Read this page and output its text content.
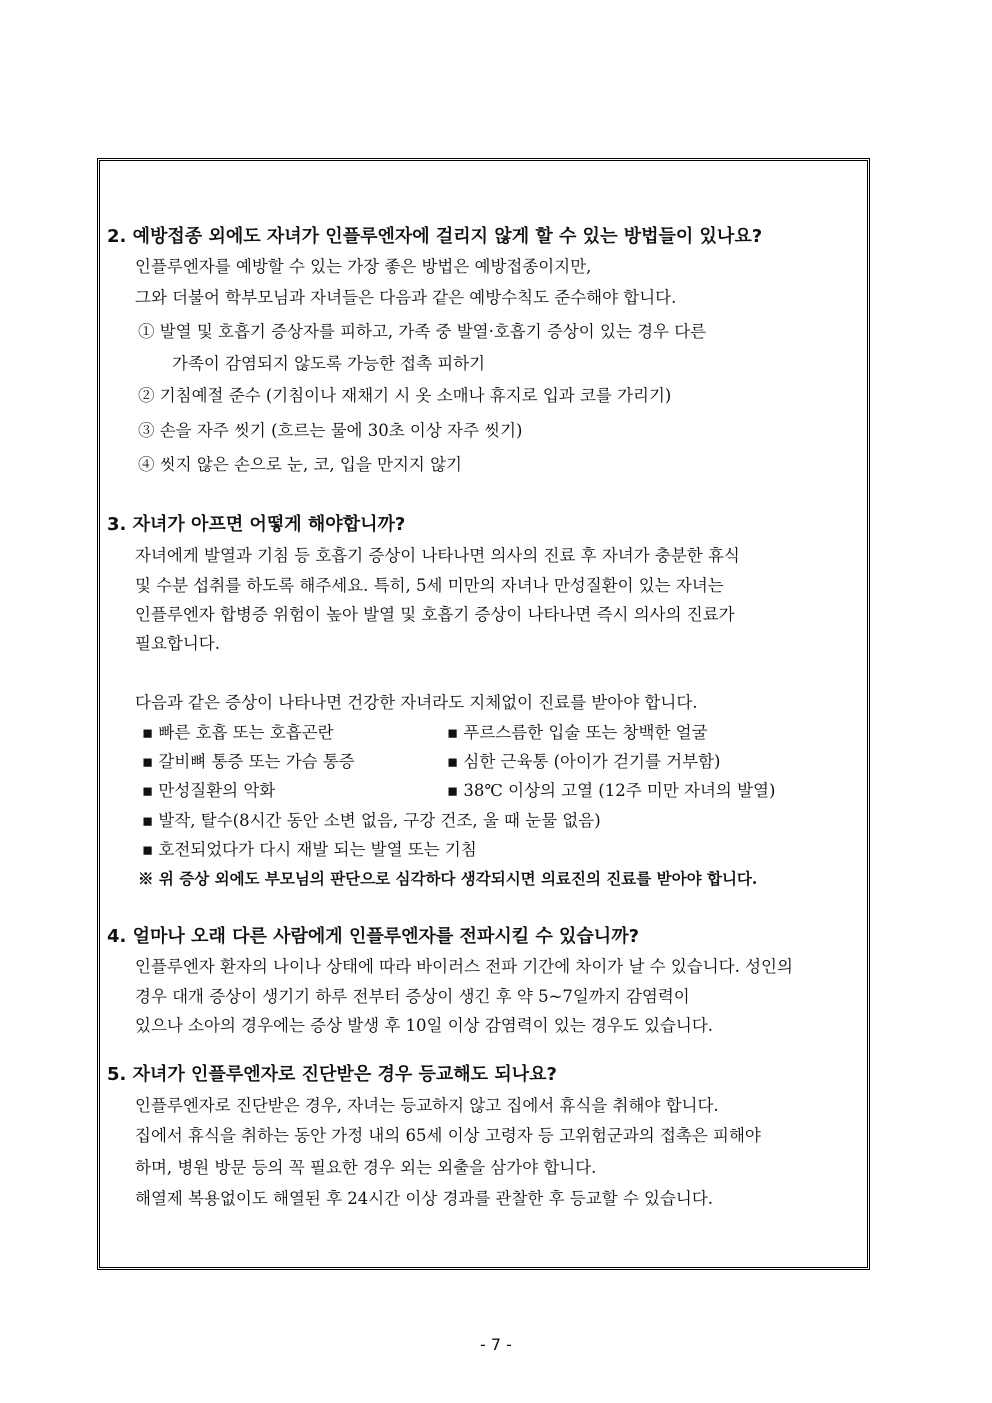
2. 예방접종 외에도 자녀가 인플루엔자에 걸리지 않게 할 수 있는 방법들이 있나요?
인플루엔자를 예방할 수 있는 가장 좋은 방법은 예방접종이지만,
그와 더불어 학부모님과 자녀들은 다음과 같은 예방수칙도 준수해야 합니다.
① 발열 및 호흡기 증상자를 피하고, 가족 중 발열·호흡기 증상이 있는 경우 다른
가족이 감염되지 않도록 가능한 접촉 피하기
② 기침예절 준수 (기침이나 재채기 시 옷 소매나 휴지로 입과 코를 가리기)
③ 손을 자주 씻기 (흐르는 물에 30초 이상 자주 씻기)
④ 씻지 않은 손으로 눈, 코, 입을 만지지 않기
3. 자녀가 아프면 어떻게 해야합니까?
자녀에게 발열과 기침 등 호흡기 증상이 나타나면 의사의 진료 후 자녀가 충분한 휴식
및 수분 섭취를 하도록 해주세요. 특히, 5세 미만의 자녀나 만성질환이 있는 자녀는
인플루엔자 합병증 위험이 높아 발열 및 호흡기 증상이 나타나면 즉시 의사의 진료가
필요합니다.
다음과 같은 증상이 나타나면 건강한 자녀라도 지체없이 진료를 받아야 합니다.
▪ 빠른 호흡 또는 호흡곤란	▪ 푸르스름한 입술 또는 창백한 얼굴
▪ 갈비뼈 통증 또는 가슴 통증	▪ 심한 근육통 (아이가 걷기를 거부함)
▪ 만성질환의 악화	▪ 38℃ 이상의 고열 (12주 미만 자녀의 발열)
▪ 발작, 탈수(8시간 동안 소변 없음, 구강 건조, 울 때 눈물 없음)
▪ 호전되었다가 다시 재발 되는 발열 또는 기침
※ 위 증상 외에도 부모님의 판단으로 심각하다 생각되시면 의료진의 진료를 받아야 합니다.
4. 얼마나 오래 다른 사람에게 인플루엔자를 전파시킬 수 있습니까?
인플루엔자 환자의 나이나 상태에 따라 바이러스 전파 기간에 차이가 날 수 있습니다. 성인의
경우 대개 증상이 생기기 하루 전부터 증상이 생긴 후 약 5~7일까지 감염력이
있으나 소아의 경우에는 증상 발생 후 10일 이상 감염력이 있는 경우도 있습니다.
5. 자녀가 인플루엔자로 진단받은 경우 등교해도 되나요?
인플루엔자로 진단받은 경우, 자녀는 등교하지 않고 집에서 휴식을 취해야 합니다.
집에서 휴식을 취하는 동안 가정 내의 65세 이상 고령자 등 고위험군과의 접촉은 피해야
하며, 병원 방문 등의 꼭 필요한 경우 외는 외출을 삼가야 합니다.
해열제 복용없이도 해열된 후 24시간 이상 경과를 관찰한 후 등교할 수 있습니다.
- 7 -
